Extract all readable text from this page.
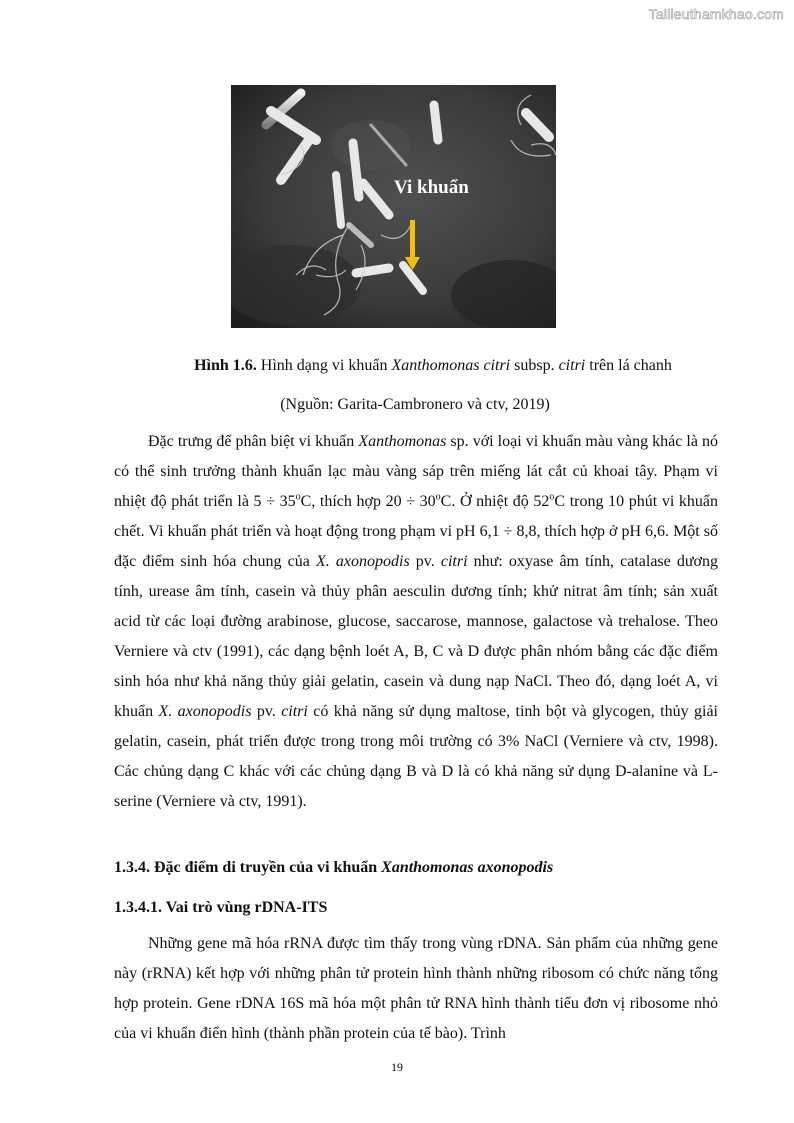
Tailieuthamkhao.com
Vi khuẩn
Hình 1.6. Hình dạng vi khuẩn Xanthomonas citri subsp. citri trên lá chanh
(Nguồn: Garita-Cambronero và ctv, 2019)

Đặc trưng để phân biệt vi khuẩn Xanthomonas sp. với loại vi khuẩn màu vàng khác là nó có thể sinh trưởng thành khuẩn lạc màu vàng sáp trên miếng lát cắt củ khoai tây. Phạm vi nhiệt độ phát triển là $5 \div 35^oC$, thích hợp $20 \div 30^oC$. Ở nhiệt độ 52$^o$C trong 10 phút vi khuẩn chết. Vi khuẩn phát triển và hoạt động trong phạm vi pH 6,1 ÷ 8,8, thích hợp ở pH 6,6. Một số đặc điểm sinh hóa chung của X. axonopodis pv. citri như: oxyase âm tính, catalase dương tính, urease âm tính, casein và thủy phân aesculin dương tính; khử nitrat âm tính; sản xuất acid từ các loại đường arabinose, glucose, saccarose, mannose, galactose và trehalose. Theo Verniere và ctv (1991), các dạng bệnh loét A, B, C và D được phân nhóm bằng các đặc điểm sinh hóa như khả năng thủy giải gelatin, casein và dung nạp NaCl. Theo đó, dạng loét A, vi khuẩn X. axonopodis pv. citri có khả năng sử dụng maltose, tinh bột và glycogen, thủy giải gelatin, casein, phát triển được trong trong môi trường có 3% NaCl (Verniere và ctv, 1998). Các chủng dạng C khác với các chủng dạng B và D là có khả năng sử dụng D-alanine và L-serine (Verniere và ctv, 1991).

1.3.4. Đặc điểm di truyền của vi khuẩn Xanthomonas axonopodis
1.3.4.1. Vai trò vùng rDNA-ITS

Những gene mã hóa rRNA được tìm thấy trong vùng rDNA. Sản phẩm của những gene này (rRNA) kết hợp với những phân tử protein hình thành những ribosom có chức năng tổng hợp protein. Gene rDNA 16S mã hóa một phân tử RNA hình thành tiểu đơn vị ribosome nhỏ của vi khuẩn điển hình (thành phần protein của tế bào). Trình

19
